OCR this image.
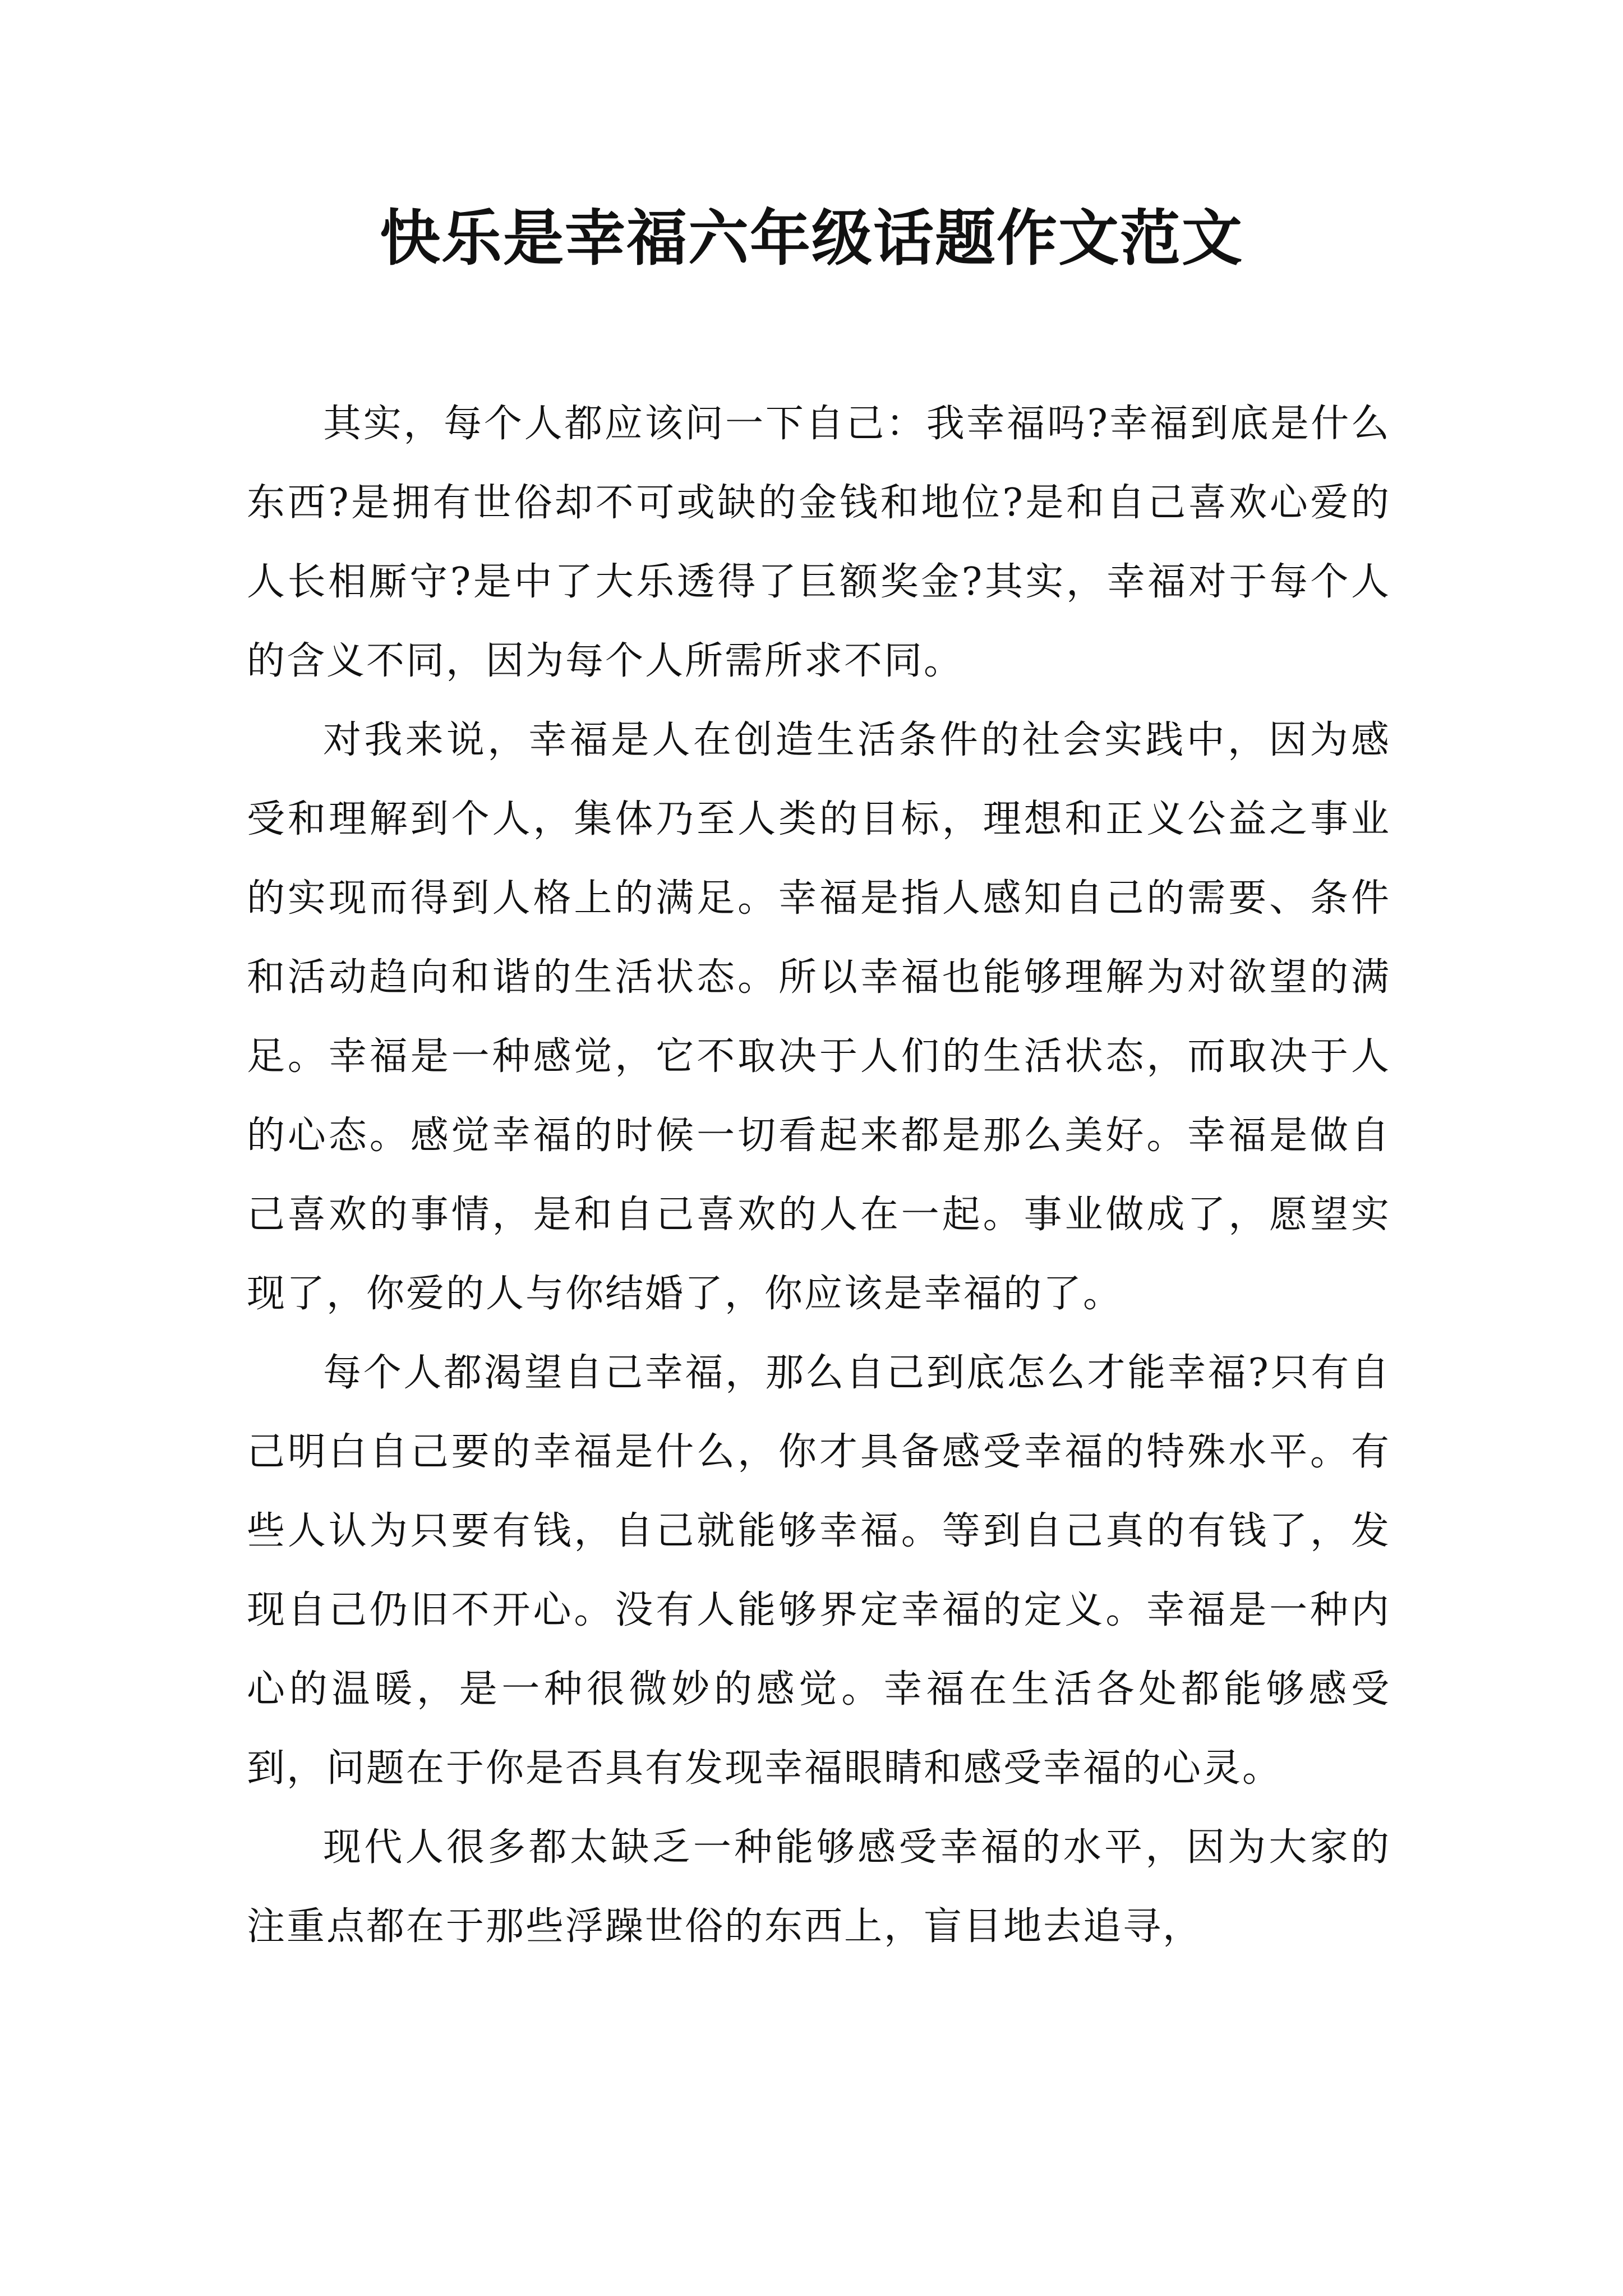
快乐是幸福六年级话题作文范文

其实，每个人都应该问一下自己：我幸福吗?幸福到底是什么东西?是拥有世俗却不可或缺的金钱和地位?是和自己喜欢心爱的人长相厮守?是中了大乐透得了巨额奖金?其实，幸福对于每个人的含义不同，因为每个人所需所求不同。

对我来说，幸福是人在创造生活条件的社会实践中，因为感受和理解到个人，集体乃至人类的目标，理想和正义公益之事业的实现而得到人格上的满足。幸福是指人感知自己的需要、条件和活动趋向和谐的生活状态。所以幸福也能够理解为对欲望的满足。幸福是一种感觉，它不取决于人们的生活状态，而取决于人的心态。感觉幸福的时候一切看起来都是那么美好。幸福是做自己喜欢的事情，是和自己喜欢的人在一起。事业做成了，愿望实现了，你爱的人与你结婚了，你应该是幸福的了。

每个人都渴望自己幸福，那么自己到底怎么才能幸福?只有自己明白自己要的幸福是什么，你才具备感受幸福的特殊水平。有些人认为只要有钱，自己就能够幸福。等到自己真的有钱了，发现自己仍旧不开心。没有人能够界定幸福的定义。幸福是一种内心的温暖，是一种很微妙的感觉。幸福在生活各处都能够感受到，问题在于你是否具有发现幸福眼睛和感受幸福的心灵。

现代人很多都太缺乏一种能够感受幸福的水平，因为大家的注重点都在于那些浮躁世俗的东西上，盲目地去追寻，
